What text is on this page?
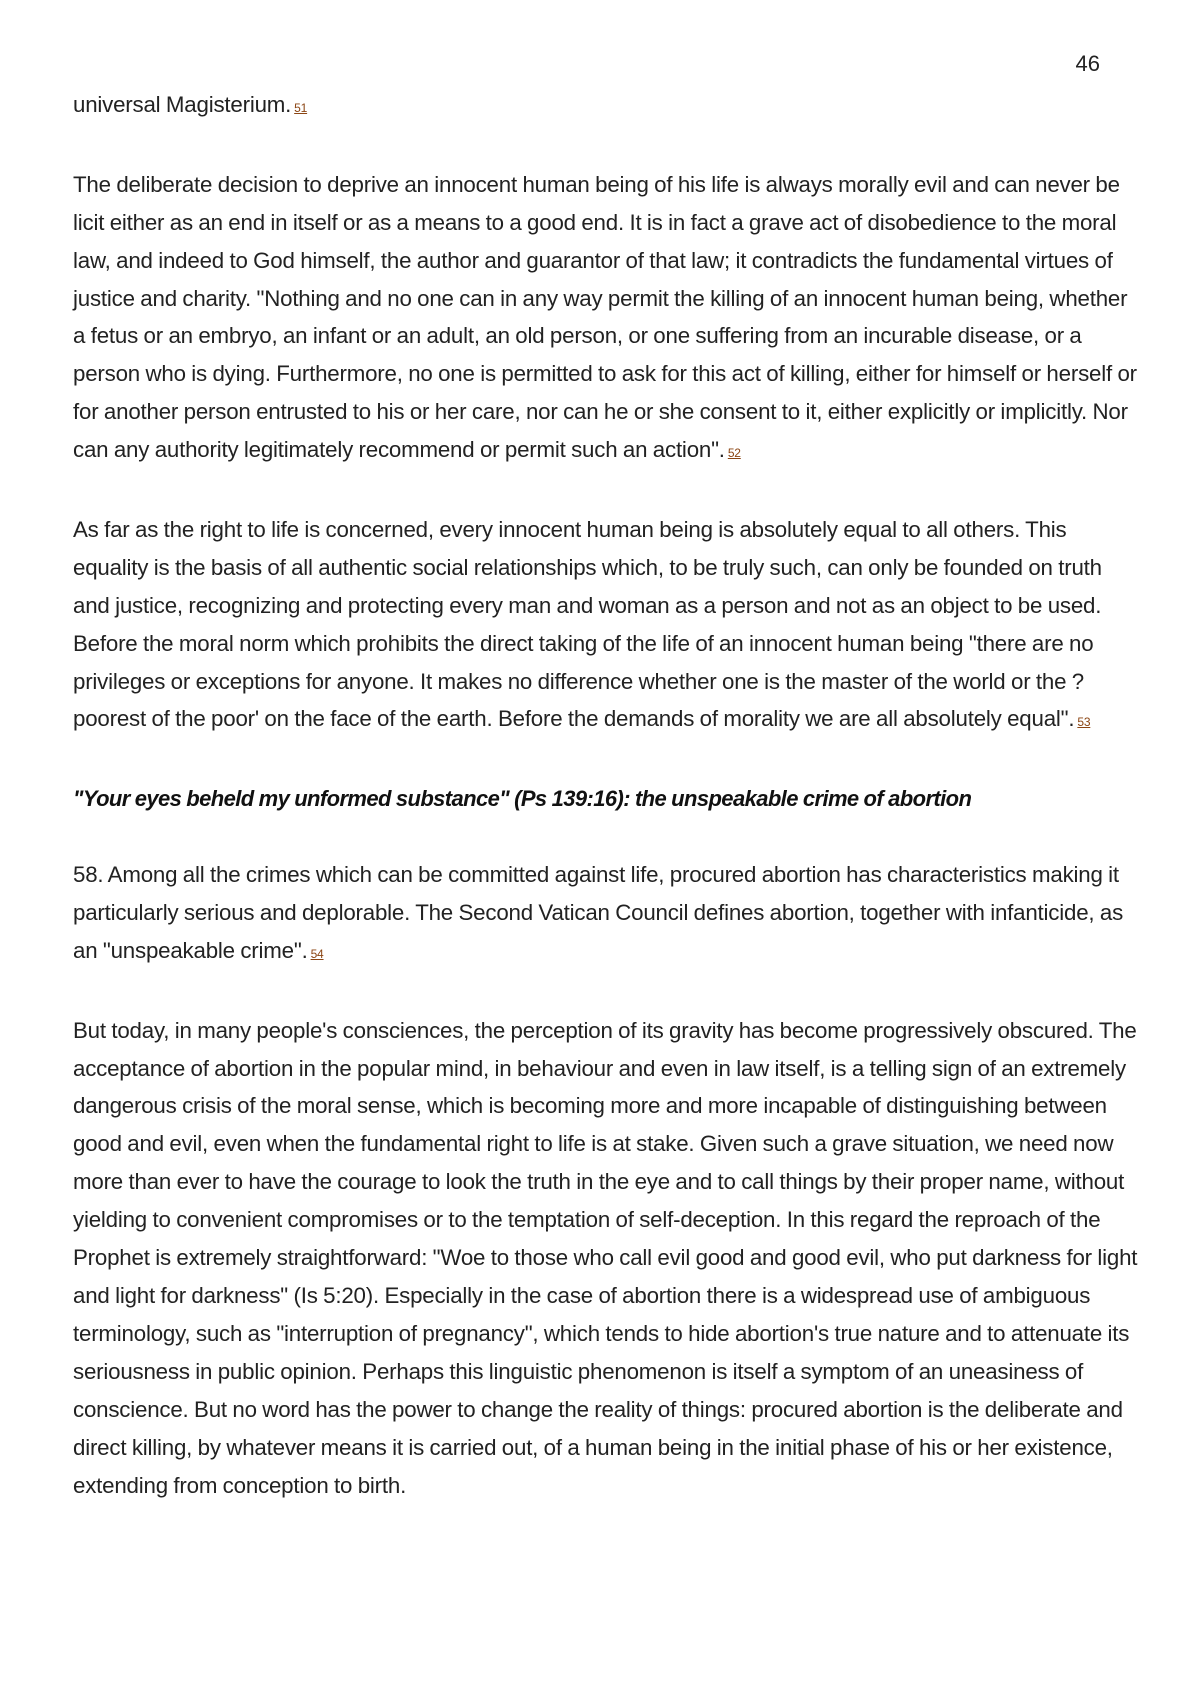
46

universal Magisterium. 51

The deliberate decision to deprive an innocent human being of his life is always morally evil and can never be licit either as an end in itself or as a means to a good end. It is in fact a grave act of disobedience to the moral law, and indeed to God himself, the author and guarantor of that law; it contradicts the fundamental virtues of justice and charity. "Nothing and no one can in any way permit the killing of an innocent human being, whether a fetus or an embryo, an infant or an adult, an old person, or one suffering from an incurable disease, or a person who is dying. Furthermore, no one is permitted to ask for this act of killing, either for himself or herself or for another person entrusted to his or her care, nor can he or she consent to it, either explicitly or implicitly. Nor can any authority legitimately recommend or permit such an action". 52

As far as the right to life is concerned, every innocent human being is absolutely equal to all others. This equality is the basis of all authentic social relationships which, to be truly such, can only be founded on truth and justice, recognizing and protecting every man and woman as a person and not as an object to be used. Before the moral norm which prohibits the direct taking of the life of an innocent human being "there are no privileges or exceptions for anyone. It makes no difference whether one is the master of the world or the ?poorest of the poor' on the face of the earth. Before the demands of morality we are all absolutely equal". 53

"Your eyes beheld my unformed substance" (Ps 139:16): the unspeakable crime of abortion

58. Among all the crimes which can be committed against life, procured abortion has characteristics making it particularly serious and deplorable. The Second Vatican Council defines abortion, together with infanticide, as an "unspeakable crime". 54

But today, in many people's consciences, the perception of its gravity has become progressively obscured. The acceptance of abortion in the popular mind, in behaviour and even in law itself, is a telling sign of an extremely dangerous crisis of the moral sense, which is becoming more and more incapable of distinguishing between good and evil, even when the fundamental right to life is at stake. Given such a grave situation, we need now more than ever to have the courage to look the truth in the eye and to call things by their proper name, without yielding to convenient compromises or to the temptation of self-deception. In this regard the reproach of the Prophet is extremely straightforward: "Woe to those who call evil good and good evil, who put darkness for light and light for darkness" (Is 5:20). Especially in the case of abortion there is a widespread use of ambiguous terminology, such as "interruption of pregnancy", which tends to hide abortion's true nature and to attenuate its seriousness in public opinion. Perhaps this linguistic phenomenon is itself a symptom of an uneasiness of conscience. But no word has the power to change the reality of things: procured abortion is the deliberate and direct killing, by whatever means it is carried out, of a human being in the initial phase of his or her existence, extending from conception to birth.
